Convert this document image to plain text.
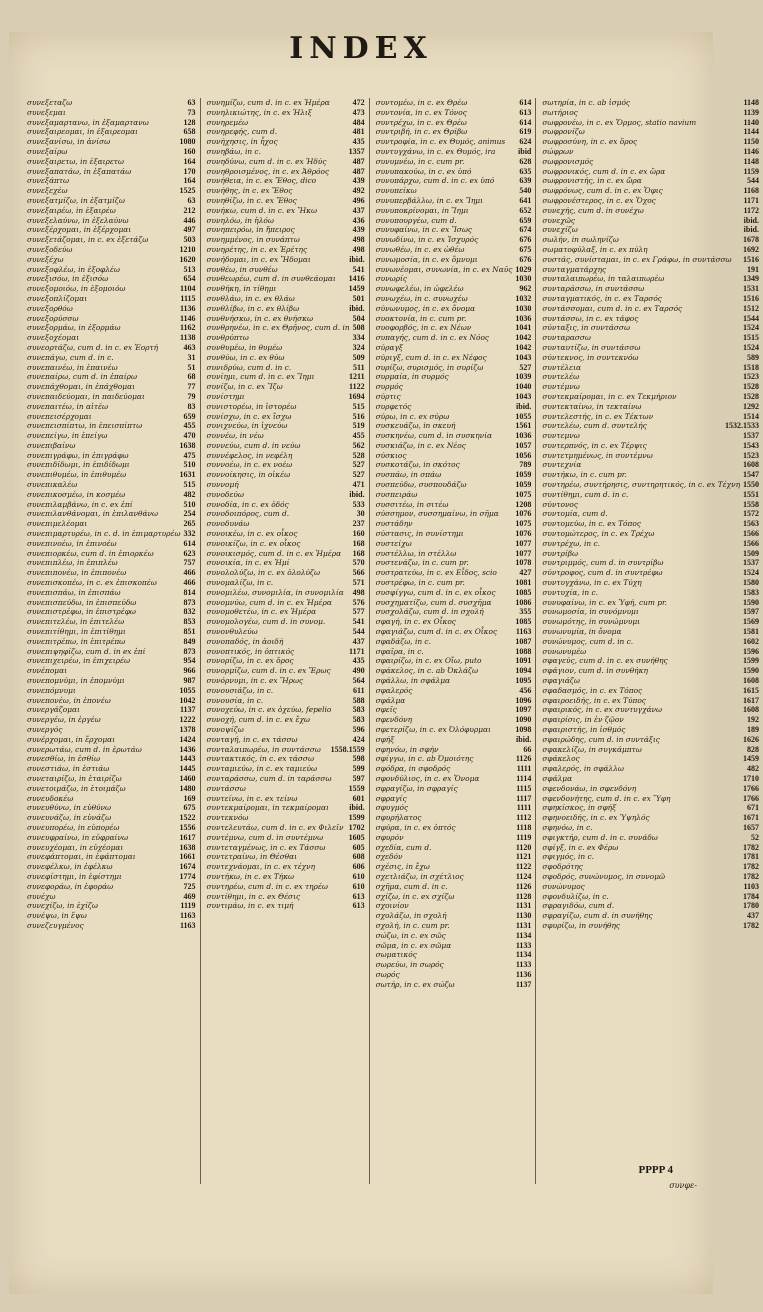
INDEX
συνεξεταζω	63
συνεξεμαι	73
συνεξαμαρτανω, in ἐξαμαρτανω	128
συνεξαιρεομαι, in ἐξαιρεομαι	658
συνεξανίσω, in ἀνίσω	1080
συνεξαίρω	160
συνεξαιρετω, in ἐξαιρετω	164
συνεξαπατάω, in ἐξαπατάω	170
συνεξάπτω	164
συνεξεχέω	1525
συνεξατμίζω, in ἐξατμίζω	63
συνεξαιρέω, in ἐξαιρέω	212
συνεξελαύνω, in ἐξελαύνω	446
συνεξέρχομαι, in ἐξέρχομαι	497
συνεξετάζομαι, in c. ex ἐξετάζω	503
συνεξοδεύω	1210
συνεξέχω	1620
συνεξοφλέω, in ἐξοφλέω	513
συνεξισόω, in ἐξισόω	654
συνεξομοιόω, in ἐξομοιόω	1104
συνεξοπλίζομαι	1115
συνεξορθόω	1136
συνεξορύσσω	1146
συνεξορμάω, in ἐξορμάω	1162
συνεξοχέομαι	1138
συνεορτάζω, cum d. in c. ex Ἑορτή	463
συνεπάγω, cum d. in c.	31
συνεπαινέω, in ἐπαινέω	51
συνεπαίρω, cum d. in ἐπαίρω	68
συνεπάχθομαι, in ἐπάχθομαι	77
συνεπαιδεύομαι, in παιδεύομαι	79
συνεπαιτέω, in αἰτέω	83
συνεπεισέρχομαι	659
συνεπεισπίπτω, in ἐπεισπίπτω	455
συνεπείγω, in ἐπείγω	470
συνεπιβαίνω	1638
συνεπιγράφω, in ἐπιγράφω	475
συνεπιδίδωμι, in ἐπιδίδωμι	510
συνεπιθυμέω, in ἐπιθυμέω	1631
συνεπικαλέω	515
συνεπικοσμέω, in κοσμέω	482
συνεπιλαμβάνω, in c. ex ἐπί	510
συνεπιλανθάνομαι, in ἐπιλανθάνω	254
συνεπιμελέομαι	265
συνεπιμαρτυρέω, in c. d. in ἐπιμαρτυρέω 332
συνεπινοέω, in ἐπινοέω	614
συνεπιορκέω, cum d. in ἐπιορκέω	623
συνεπιπλέω, in ἐπιπλέω	757
συνεπιπονέω, in ἐπιπονέω	466
συνεπισκοπέω, in c. ex ἐπισκοπέω	466
συνεπισπάω, in ἐπισπάω	814
συνεπισπεύδω, in ἐπισπεύδω	873
συνεπιστρέφω, in ἐπιστρέφω	832
συνεπιτελέω, in ἐπιτελέω	853
συνεπιτίθημι, in ἐπιτίθημι	851
συνεπιτρέπω, in ἐπιτρέπω	849
συνεπιψηφίζω, cum d. in ex ἐπί	873
συνεπιχειρέω, in ἐπιχειρέω	954
συνέπομαι	966
συνεπομνύμι, in ἐπομνύμι	987
συνεπόμνυμι	1055
συνεπονέω, in ἐπονέω	1042
συνεργάζομαι	1137
συνεργέω, in ἐργέω	1222
συνεργός	1378
συνέρχομαι, in ἔρχομαι	1424
συνερωτάω, cum d. in ἐρωτάω	1436
συνεσθίω, in ἐσθίω	1443
συνεστιάω, in ἐστιάω	1445
συνεταιρίζω, in ἑταιρίζω	1460
συνετοιμάζω, in ἑτοιμάζω	1480
συνευδοκέω	169
συνευθύνω, in εὐθύνω	675
συνευνάζω, in εὐνάζω	1522
συνευπορέω, in εὐπορέω	1556
συνευφραίνω, in εὐφραίνω	1617
συνευχέομαι, in εὐχέομαι	1638
συνεφάπτομαι, in ἐφάπτομαι	1661
συνεφέλκω, in ἐφέλκω	1674
συνεφίστημι, in ἐφίστημι	1774
συνεφοράω, in ἐφοράω	725
συνέχω	469
συνεχίζω, in ἐχίζω	1119
συνέψω, in ἕψω	1163
συνεζευγμένος	1163
συνημίζω, cum d. in c. ex Ἡμέρα	472
συνηλικιώτης, in c. ex Ἡλιξ	473
συνηρεμέω	484
συνηρεφής, cum d.	481
συνήχησις, in ἦχος	435
συνηβάω, in c.	1357
συνηδύνω, cum d. in c. ex Ἡδύς	487
συνηθροισμένος, in c. ex Ἀθρόος	487
συνήθεια, in c. ex Ἔθος, dico	439
συνήθης, in c. ex Ἔθος	492
συνηθίζω, in c. ex Ἔθος	496
συνήκω, cum d. in c. ex Ἥκω	437
συνηλόω, in ἡλόω	436
συνηπειρόω, in ἤπειρος	439
συνημμένος, in συνάπτω	498
συνηρέτης, in c. ex Ἐρέτης	498
συνήδομαι, in c. ex Ἥδομαι	ibid.
συνθέω, in συνθέω	541
συνθεωρέω, cum d. in συνθεάομαι	1416
συνθήκη, in τίθημι	1459
συνθλάω, in c. ex θλάω	501
συνθλίβω, in c. ex θλίβω	ibid.
συνθνήσκω, in c. ex θνήσκω	504
συνθρηνέω, in c. ex Θρῆνος, cum d. in 508
συνθρύπτω	334
συνθυμέω, in θυμέω	324
συνθύω, in c. ex θύω	509
συνιδρύω, cum d. in c.	511
συνίημι, cum d. in c. ex Ἵημι	1211
συνίζω, in c. ex Ἵζω	1122
συνίστημι	1694
συνιστορέω, in ἱστορέω	515
συνίσχω, in c. ex ἴσχω	516
συνιχνεύω, in ἰχνεύω	519
συννέω, in νέω	455
συννεύω, cum d. in νεύω	562
συννέφελος, in νεφέλη	528
συννοέω, in c. ex νοέω	527
συννοίκησις, in οἰκέω	527
συννομή	471
συνοδεύω	ibid.
συνοδία, in c. ex ὁδός	533
συνοδοιπόρος, cum d.	30
συνοδυνάω	237
συνοικέω, in c. ex οἶκος	160
συνοικίζω, in c. ex οἶκος	168
συνοικισμός, cum d. in c. ex Ἡμέρα	168
συνοικία, in c. ex Ἡμί	570
συνολολύζω, in c. ex ὀλολύζω	566
συνομαλίζω, in c.	571
συνομιλέω, συνομιλία, in συνομιλία	498
συνομνύω, cum d. in c. ex Ἡμέρα	576
συνομοθετέω, in c. ex Ἡμέρα	577
συνομολογέω, cum d. in συνομ.	541
συνονθυλεύω	544
συνοπαδός, in ἀοιδή	437
συνοπτικός, in ὀπτικός	1171
συνορίζω, in c. ex ὅρος	435
συνορμίζω, cum d. in c. ex Ἔρως	490
συνόρνυμι, in c. ex Ἥρως	564
συνουσιάζω, in c.	611
συνουσία, in c.	588
συνοχεύω, in c. ex ὀχεύω, fepelio	583
συνοχή, cum d. in c. ex ἔχω	583
συνοψίζω	596
συνταγή, in c. ex τάσσω	424
συνταλαιπωρέω, in συντάσσω	1558.1559
συντακτικός, in c. ex τάσσω	598
συνταμιεύω, in c. ex ταμιεύω	599
συνταράσσω, cum d. in ταράσσω	597
συντάσσω	1559
συντείνω, in c. ex τείνω	601
συντεκμαίρομαι, in τεκμαίρομαι	ibid.
συντεκνόω	1599
συντελευτάω, cum d. in c. ex Φιλεῖν 1702
συντέμνω, cum d. in συντέμνω	1605
συντεταγμένως, in c. ex Τάσσω	605
συντετραίνω, in Θέσθαι	608
συντεχνάομαι, in c. ex τέχνη	606
συντήκω, in c. ex Τήκω	610
συντηρέω, cum d. in c. ex τηρέω	610
συντίθημι, in c. ex Θέσις	613
συντιμάω, in c. ex τιμή	613
συντομέω, in c. ex Θρέω	614
συντονία, in c. ex Τόνος	613
συντρέχω, in c. ex Θρέω	614
συντριβή, in c. ex Θρίβω	619
συντροφία, in c. ex Θυμός, animus	624
συντυγχάνω, in c. ex Θυμός, ira	ibid
συνυμνέω, in c. cum pr.	628
συνυπακούω, in c. ex ὑπό	635
συνυπάρχω, cum d. in c. ex ὑπό	639
συνυπείκω	540
συνυπερβάλλω, in c. ex Ἴημι	641
συνυποκρίνομαι, in Ἵημι	652
συνυπουργέω, cum d.	659
συνυφαίνω, in c. ex Ἵσως	674
συνωδίνω, in c. ex Ἰσχυρός	676
συνωθέω, in c. ex ὠθέω	675
συνωμοσία, in c. ex ὄμνυμι	676
συνωνέομαι, συνωνία, in c. ex Ναῦς 1029
συνωρίς	1030
συνωφελέω, in ὠφελέω	962
συνωχέω, in c. συνωχέω	1032
σύνωνυμος, in c. ex ὄνομα	1030
συοκτονία, in c. cum pr.	1036
συοφορβός, in c. ex Νέων	1041
συπαγής, cum d. in c. ex Νόος	1042
σύραγξ	1042
σύριγξ, cum d. in c. ex Νέφος	1043
συρίζω, συρισμός, in συρίζω	527
συρμαία, in συρμός	1039
συρμός	1040
σύρτις	1043
συρφετός	ibid.
σύρω, in c. ex σύρω	1055
συσκευάζω, in σκευή	1561
συσκηνέω, cum d. in συσκηνία	1036
συσκιάζω, in c. ex Νέος	1057
σύσκιος	1056
συσκοτάζω, in σκότος	789
συσπάω, in σπάω	1059
συσπεύδω, συσπουδάζω	1059
συσπειράω	1075
συσσιτέω, in σιτέω	1208
σύσσημον, συσσημαίνω, in σῆμα	1076
συστάδην	1075
σύστασις, in συνίστημι	1076
συστείχω	1077
συστέλλω, in στέλλω	1077
συστενάζω, in c. cum pr.	1078
συστρατεύω, in c. ex Εἶδος, scio	427
συστρέφω, in c. cum pr.	1081
συσφίγγω, cum d. in c. ex οἶκος	1085
συσχηματίζω, cum d. συσχῆμα	1086
συσχολάζω, cum d. in σχολή	355
σφαγή, in c. ex Οἶκος	1085
σφαγιάζω, cum d. in c. ex Οἶκος	1163
σφαδάζω, in c.	1087
σφαῖρα, in c.	1088
σφαιρίζω, in c. ex Οἴω, puto	1091
σφάκελος, in c. ab Ὀκλάζω	1094
σφάλλω, in σφάλμα	1095
σφαλερός	456
σφάλμα	1096
σφεῖς	1097
σφενδόνη	1090
σφετερίζω, in c. ex Ὀλόφυρμαι	1098
σφήξ	ibid.
σφηνόω, in σφήν	66
σφίγγω, in c. ab Ὀμοιότης	1126
σφόδρα, in σφοδρός	1111
σφονδύλιος, in c. ex Ὄνομα	1114
σφραγίζω, in σφραγίς	1115
σφραγίς	1117
σφυγμός	1111
σφυρήλατος	1112
σφύρα, in c. ex ὀπτός	1118
σφυρόν	1119
σχεδία, cum d.	1120
σχεδόν	1121
σχέσις, in ἔχω	1122
σχετλιάζω, in σχέτλιος	1124
σχῆμα, cum d. in c.	1126
σχίζω, in c. ex σχίζω	1128
σχοινίον	1131
σχολάζω, in σχολή	1130
σχολή, in c. cum pr.	1131
σώζω, in c. ex σῶς	1134
σῶμα, in c. ex σῶμα	1133
σωματικός	1134
σωρεύω, in σωρός	1133
σωρός	1136
σωτήρ, in c. ex σώζω	1137
σωτηρία, in c. ab ἰσμός	1148
σωτήριος	1139
σωφρονέω, in c. ex Ὅρμος, statio navium	1140
σωφρονίζω	1144
σωφροσύνη, in c. ex ὅρος	1150
σώφρων	1146
σωφρονισμός	1148
σωφρονικός, cum d. in c. ex ὥρα	1159
σωφρονιστής, in c. ex ὤρα	544
σωφρόνως, cum d. in c. ex Ὄφις	1168
σωφρονέστερος, in c. ex Ὄχος	1171
συνεχής, cum d. in συνέχω	1172
συνεχῶς	ibid.
συνεχίζω	ibid.
σωλήν, in σωληνίζω	1678
σωματοφύλαξ, in c. ex πύλη	1692
συστάς, συνίσταμαι, in c. ex Γράφω, in συντάσσω	1516
συνταγματάρχης	191
συνταλαιπωρέω, in ταλαιπωρέω	1349
συνταράσσω, in συντάσσω	1531
συνταγματικός, in c. ex Ταρσός	1516
συντάσσομαι, cum d. in c. ex Ταρσός	1512
συντάσσω, in c. ex τάφος	1544
σύνταξις, in συντάσσω	1524
συνταρασσω	1515
συνταυτίζω, in συντάσσω	1524
σύντεκνος, in συντεκνόω	589
συντέλεια	1518
συντελέω	1523
συντέμνω	1528
συντεκμαίρομαι, in c. ex Τεκμήριον	1528
συντεκταίνω, in τεκταίνω	1292
συντελεστής, in c. ex Τέκτων	1514
συντελέω, cum d. συντελής	1532.1533
συντεμνω	1537
συντερπνός, in c. ex Τέρψις	1543
συντετμημένως, in συντέμνω	1523
συντεχνία	1608
συντήκω, in c. cum pr.	1547
συντηρέω, συντήρησις, συντηρητικός, in c. ex Τέχνη 1550
συντίθημι, cum d. in c.	1551
σύντονος	1558
συντομία, cum d.	1572
συντομεύω, in c. ex Τόπος	1563
συντομώτερος, in c. ex Τρέχω	1566
συντρέχω, in c.	1566
συντρίβω	1509
συντριμμός, cum d. in συντρίβω	1537
σύντροφος, cum d. in συντρέφω	1524
συντυγχάνω, in c. ex Τύχη	1580
συντυχία, in c.	1583
συνυφαίνω, in c. ex Ὑφή, cum pr.	1590
συνωμοσία, in συνόμνυμι	1597
συνωμότης, in συνώμνυμι	1569
συνωνυμία, in ὄνομα	1581
συνώνυμος, cum d. in c.	1602
συνωνυμέω	1596
σφαγεύς, cum d. in c. ex συνήθης	1599
σφάγιον, cum d. in συνθήκη	1590
σφαγιάζω	1608
σφαδασμός, in c. ex Τόπος	1615
σφαιροειδής, in c. ex Τύπος	1617
σφαιρικός, in c. ex συντυγχάνω	1608
σφαιρίσις, in ἐν ζῷον	192
σφαιριστής, in ἰσθμός	189
σφαιρώδης, cum d. in συντάξις	1626
σφακελίζω, in συγκάμπτω	828
σφάκελος	1459
σφαλερός, in σφάλλω	482
σφάλμα	1710
σφενδονάω, in σφενδόνη	1766
σφενδονήτης, cum d. in c. ex Ὕφη	1766
σφηκίσκος, in σφήξ	671
σφηνοειδής, in c. ex Ὑψηλός	1671
σφηνόω, in c.	1657
σφιγκτήρ, cum d. in c. συνάδω	52
σφίγξ, in c. ex Φέρω	1782
σφιγμός, in c.	1781
σφοδρότης	1782
σφοδρός, συνώνυμος, in συνομῶ	1782
συνώνυμος	1103
σφονδυλίζω, in c.	1784
σφραγιδόω, cum d.	1780
σφραγίζω, cum d. in συνήθης	437
σφυρίζω, in συνήθης	1782
PPPP 4
συνφε-
